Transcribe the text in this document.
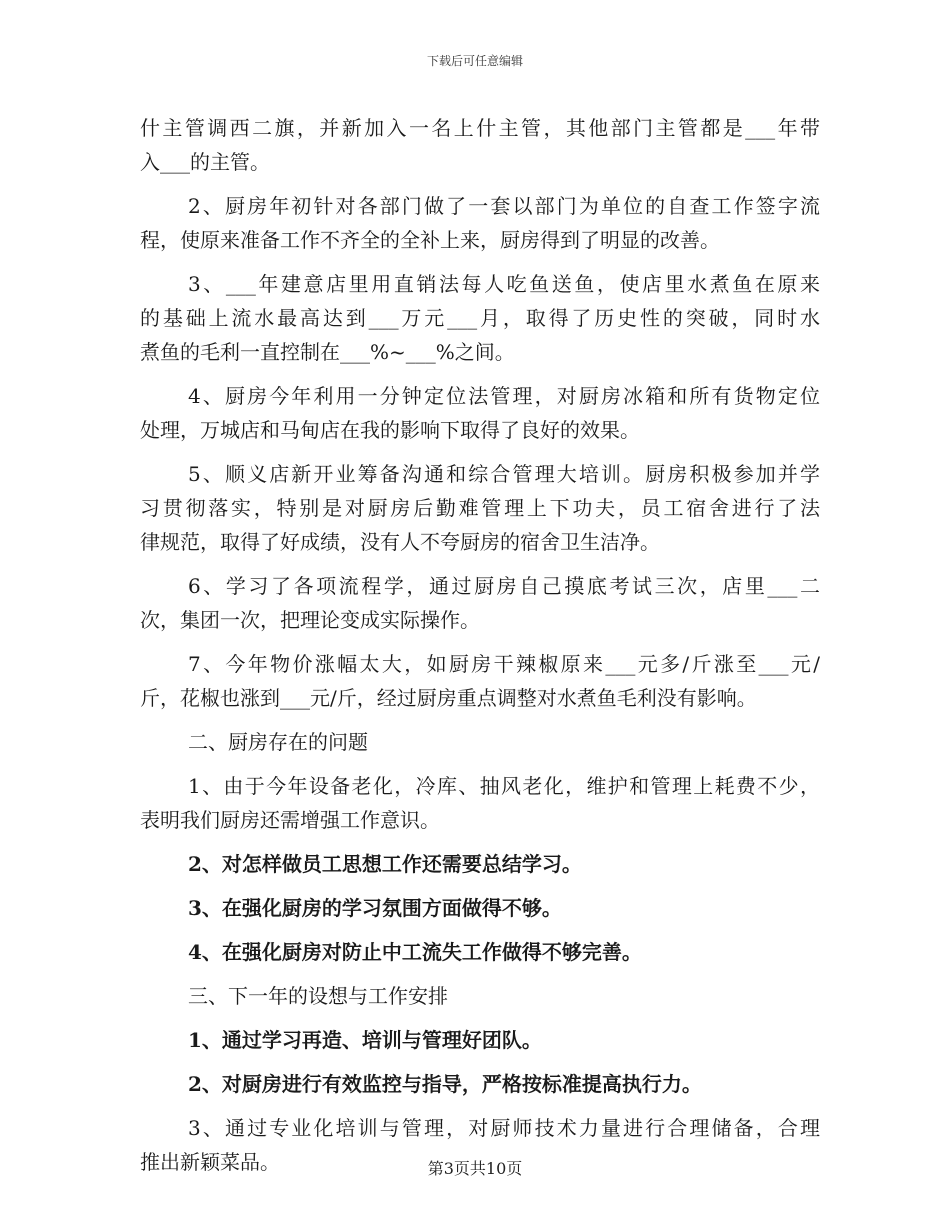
下载后可任意编辑
什主管调西二旗，并新加入一名上什主管，其他部门主管都是___年带
入___的主管。
2、厨房年初针对各部门做了一套以部门为单位的自查工作签字流
程，使原来准备工作不齐全的全补上来，厨房得到了明显的改善。
3、___年建意店里用直销法每人吃鱼送鱼，使店里水煮鱼在原来
的基础上流水最高达到___万元___月，取得了历史性的突破，同时水
煮鱼的毛利一直控制在___%~___%之间。
4、厨房今年利用一分钟定位法管理，对厨房冰箱和所有货物定位
处理，万城店和马甸店在我的影响下取得了良好的效果。
5、顺义店新开业筹备沟通和综合管理大培训。厨房积极参加并学
习贯彻落实，特别是对厨房后勤难管理上下功夫，员工宿舍进行了法
律规范，取得了好成绩，没有人不夸厨房的宿舍卫生洁净。
6、学习了各项流程学，通过厨房自己摸底考试三次，店里___二
次，集团一次，把理论变成实际操作。
7、今年物价涨幅太大，如厨房干辣椒原来___元多/斤涨至___元/
斤，花椒也涨到___元/斤，经过厨房重点调整对水煮鱼毛利没有影响。
二、厨房存在的问题
1、由于今年设备老化，冷库、抽风老化，维护和管理上耗费不少，
表明我们厨房还需增强工作意识。
2、对怎样做员工思想工作还需要总结学习。
3、在强化厨房的学习氛围方面做得不够。
4、在强化厨房对防止中工流失工作做得不够完善。
三、下一年的设想与工作安排
1、通过学习再造、培训与管理好团队。
2、对厨房进行有效监控与指导，严格按标准提高执行力。
3、通过专业化培训与管理，对厨师技术力量进行合理储备，合理
推出新颖菜品。	第3页共10页
